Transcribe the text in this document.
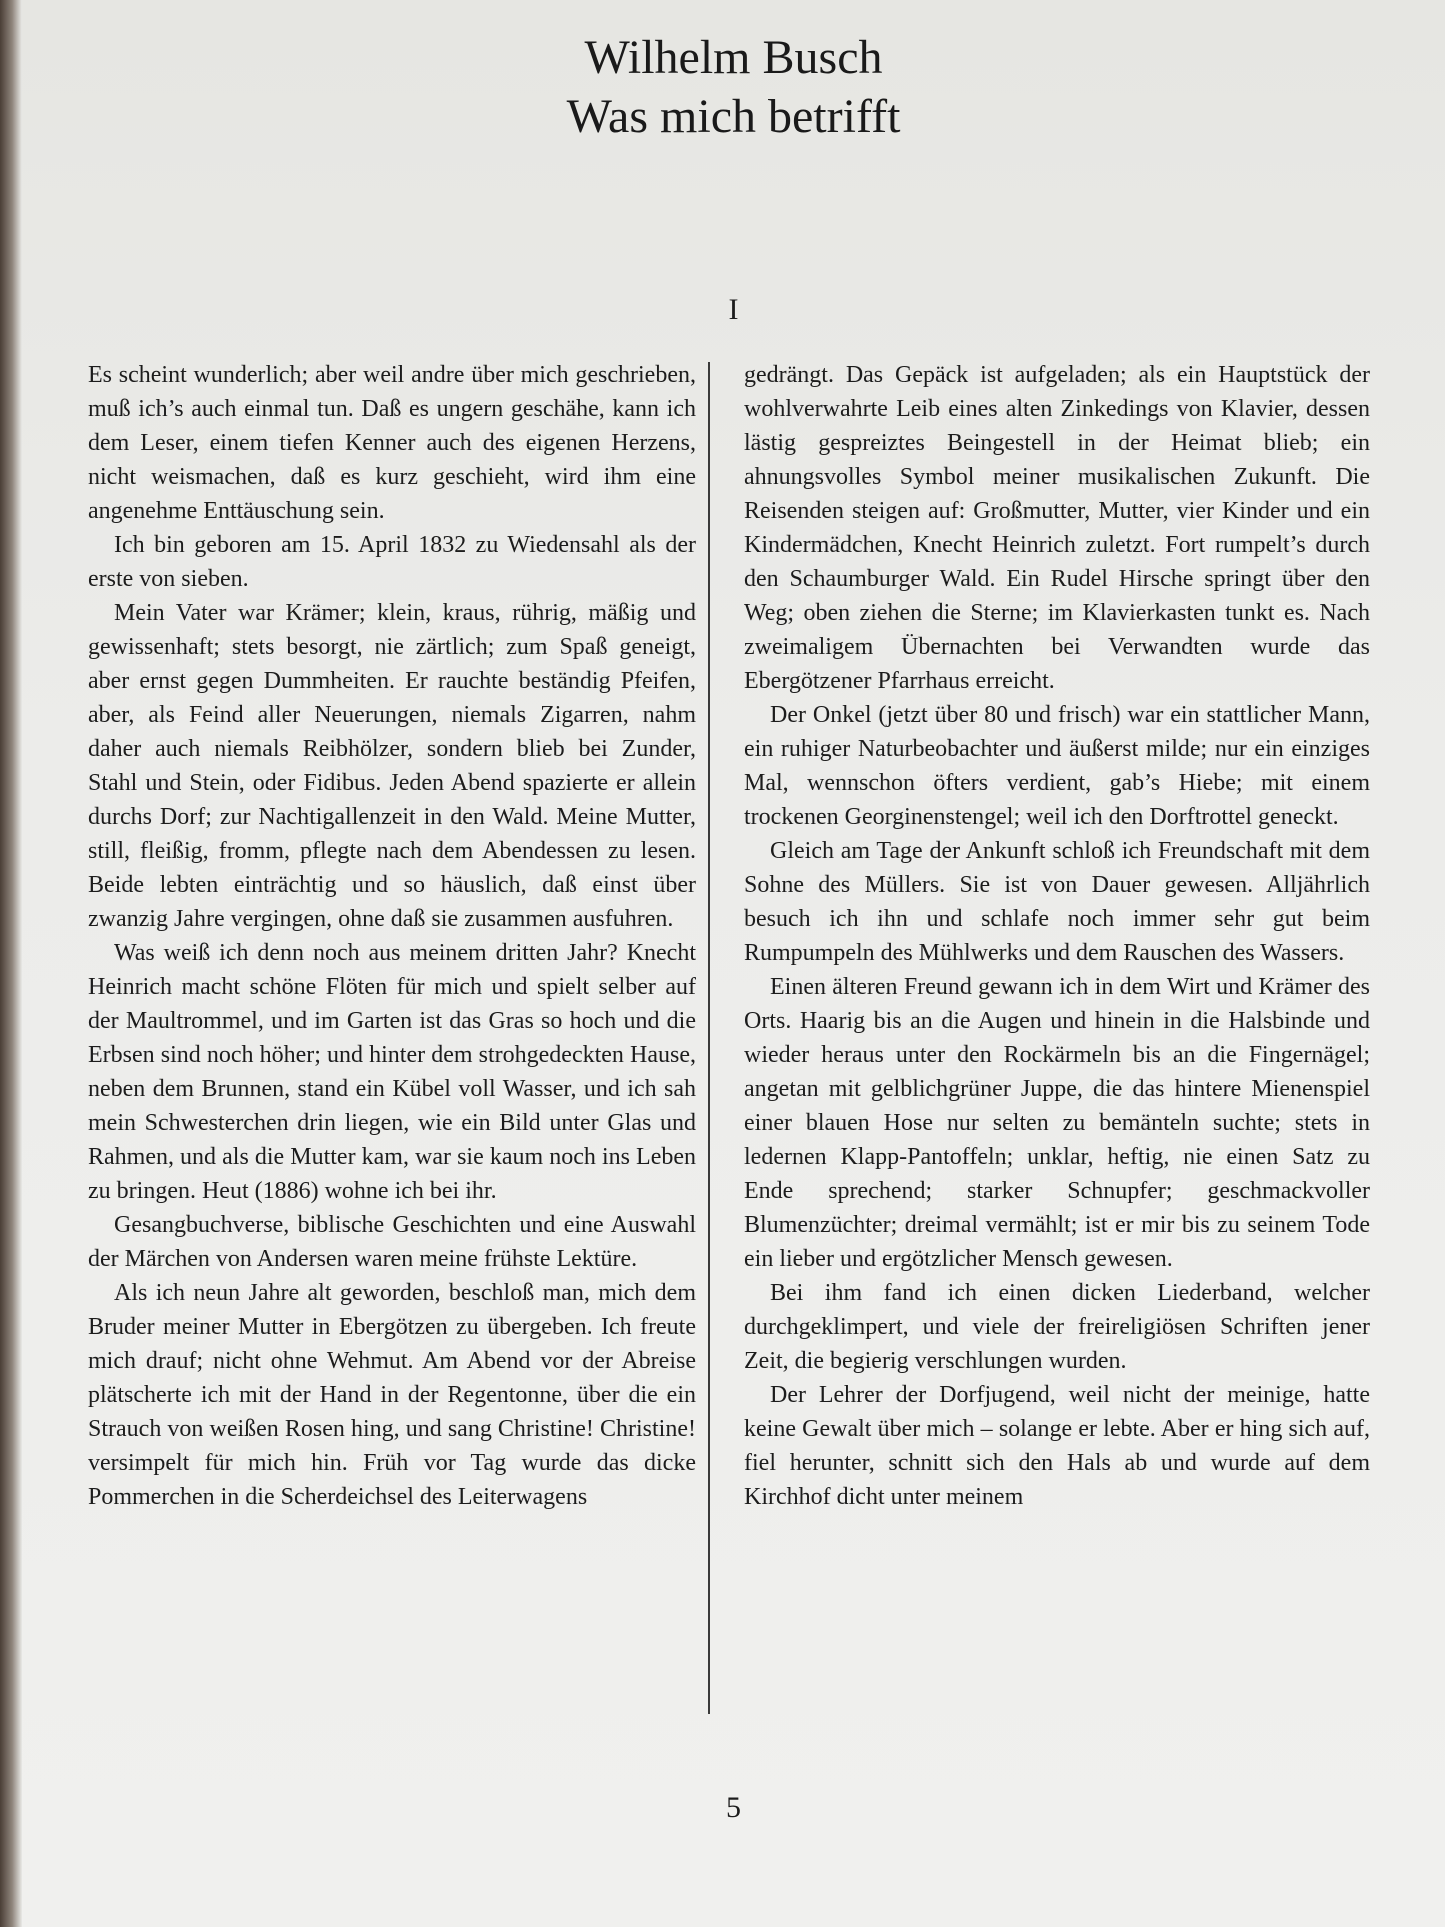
Wilhelm Busch
Was mich betrifft
I

Es scheint wunderlich; aber weil andre über mich geschrieben, muß ich’s auch einmal tun. Daß es ungern geschähe, kann ich dem Leser, einem tiefen Kenner auch des eigenen Herzens, nicht weismachen, daß es kurz geschieht, wird ihm eine angenehme Enttäuschung sein.

Ich bin geboren am 15. April 1832 zu Wiedensahl als der erste von sieben.

Mein Vater war Krämer; klein, kraus, rührig, mäßig und gewissenhaft; stets besorgt, nie zärtlich; zum Spaß geneigt, aber ernst gegen Dummheiten. Er rauchte beständig Pfeifen, aber, als Feind aller Neuerungen, niemals Zigarren, nahm daher auch niemals Reibhölzer, sondern blieb bei Zunder, Stahl und Stein, oder Fidibus. Jeden Abend spazierte er allein durchs Dorf; zur Nachtigallenzeit in den Wald. Meine Mutter, still, fleißig, fromm, pflegte nach dem Abendessen zu lesen. Beide lebten einträchtig und so häuslich, daß einst über zwanzig Jahre vergingen, ohne daß sie zusammen ausfuhren.

Was weiß ich denn noch aus meinem dritten Jahr? Knecht Heinrich macht schöne Flöten für mich und spielt selber auf der Maultrommel, und im Garten ist das Gras so hoch und die Erbsen sind noch höher; und hinter dem strohgedeckten Hause, neben dem Brunnen, stand ein Kübel voll Wasser, und ich sah mein Schwesterchen drin liegen, wie ein Bild unter Glas und Rahmen, und als die Mutter kam, war sie kaum noch ins Leben zu bringen. Heut (1886) wohne ich bei ihr.

Gesangbuchverse, biblische Geschichten und eine Auswahl der Märchen von Andersen waren meine frühste Lektüre.

Als ich neun Jahre alt geworden, beschloß man, mich dem Bruder meiner Mutter in Ebergötzen zu übergeben. Ich freute mich drauf; nicht ohne Wehmut. Am Abend vor der Abreise plätscherte ich mit der Hand in der Regentonne, über die ein Strauch von weißen Rosen hing, und sang Christine! Christine! versimpelt für mich hin. Früh vor Tag wurde das dicke Pommerchen in die Scherdeichsel des Leiterwagens

gedrängt. Das Gepäck ist aufgeladen; als ein Hauptstück der wohlverwahrte Leib eines alten Zinkedings von Klavier, dessen lästig gespreiztes Beingestell in der Heimat blieb; ein ahnungsvolles Symbol meiner musikalischen Zukunft. Die Reisenden steigen auf: Großmutter, Mutter, vier Kinder und ein Kindermädchen, Knecht Heinrich zuletzt. Fort rumpelt’s durch den Schaumburger Wald. Ein Rudel Hirsche springt über den Weg; oben ziehen die Sterne; im Klavierkasten tunkt es. Nach zweimaligem Übernachten bei Verwandten wurde das Ebergötzener Pfarrhaus erreicht.

Der Onkel (jetzt über 80 und frisch) war ein stattlicher Mann, ein ruhiger Naturbeobachter und äußerst milde; nur ein einziges Mal, wennschon öfters verdient, gab’s Hiebe; mit einem trockenen Georginenstengel; weil ich den Dorftrottel geneckt.

Gleich am Tage der Ankunft schloß ich Freundschaft mit dem Sohne des Müllers. Sie ist von Dauer gewesen. Alljährlich besuch ich ihn und schlafe noch immer sehr gut beim Rumpumpeln des Mühlwerks und dem Rauschen des Wassers.

Einen älteren Freund gewann ich in dem Wirt und Krämer des Orts. Haarig bis an die Augen und hinein in die Halsbinde und wieder heraus unter den Rockärmeln bis an die Fingernägel; angetan mit gelblichgrüner Juppe, die das hintere Mienenspiel einer blauen Hose nur selten zu bemänteln suchte; stets in ledernen Klapp-Pantoffeln; unklar, heftig, nie einen Satz zu Ende sprechend; starker Schnupfer; geschmackvoller Blumenzüchter; dreimal vermählt; ist er mir bis zu seinem Tode ein lieber und ergötzlicher Mensch gewesen.

Bei ihm fand ich einen dicken Liederband, welcher durchgeklimpert, und viele der freireligiösen Schriften jener Zeit, die begierig verschlungen wurden.

Der Lehrer der Dorfjugend, weil nicht der meinige, hatte keine Gewalt über mich – solange er lebte. Aber er hing sich auf, fiel herunter, schnitt sich den Hals ab und wurde auf dem Kirchhof dicht unter meinem

5
